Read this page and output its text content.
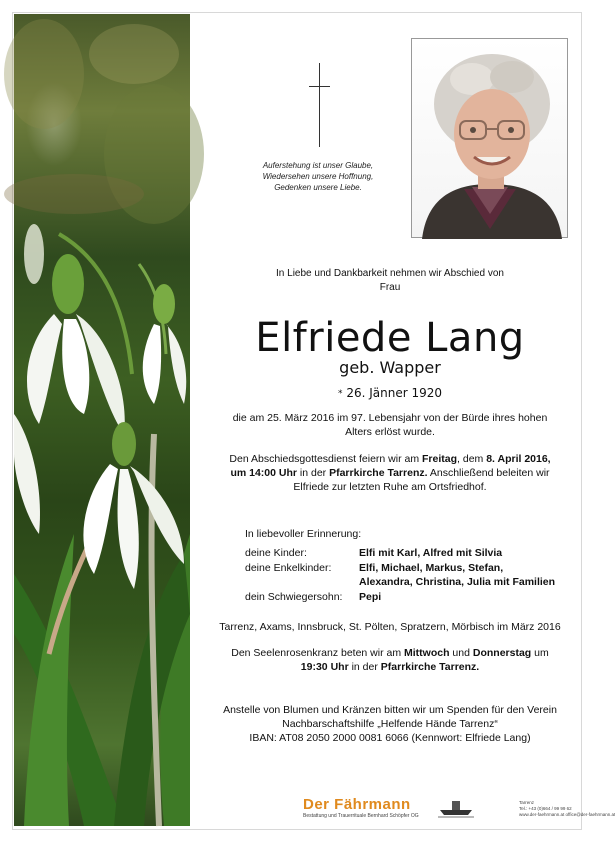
Auferstehung ist unser Glaube,
Wiedersehen unsere Hoffnung,
Gedenken unsere Liebe.
In Liebe und Dankbarkeit nehmen wir Abschied von
Frau
Elfriede Lang
geb. Wapper
* 26. Jänner 1920
die am 25. März 2016 im 97. Lebensjahr von der Bürde ihres hohen
Alters erlöst wurde.
Den Abschiedsgottesdienst feiern wir am Freitag, dem 8. April 2016,
um 14:00 Uhr in der Pfarrkirche Tarrenz. Anschließend beleiten wir
Elfriede zur letzten Ruhe am Ortsfriedhof.
In liebevoller Erinnerung:
deine Kinder:	Elfi mit Karl, Alfred mit Silvia
deine Enkelkinder:	Elfi, Michael, Markus, Stefan,
Alexandra, Christina, Julia mit Familien
dein Schwiegersohn:	Pepi
Tarrenz, Axams, Innsbruck, St. Pölten, Spratzern, Mörbisch im März 2016
Den Seelenrosenkranz beten wir am Mittwoch und Donnerstag um
19:30 Uhr in der Pfarrkirche Tarrenz.
Anstelle von Blumen und Kränzen bitten wir um Spenden für den Verein
Nachbarschaftshilfe „Helfende Hände Tarrenz“
IBAN: AT08 2050 2000 0081 6066 (Kennwort: Elfriede Lang)
Der Fährmann
Bestattung und Trauerrituale Bernhard Schöpfer OG
Tarrenz
Tel.: +43 (0)664 / 99 99 62
www.der-faehrmann.at office@der-faehrmann.at
